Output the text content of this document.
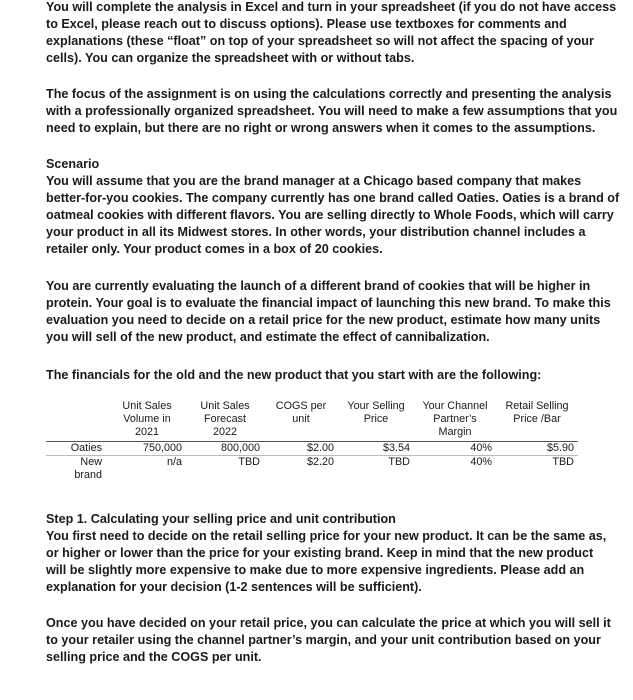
You will complete the analysis in Excel and turn in your spreadsheet (if you do not have access
to Excel, please reach out to discuss options). Please use textboxes for comments and
explanations (these “float” on top of your spreadsheet so will not affect the spacing of your
cells). You can organize the spreadsheet with or without tabs.

The focus of the assignment is on using the calculations correctly and presenting the analysis
with a professionally organized spreadsheet. You will need to make a few assumptions that you
need to explain, but there are no right or wrong answers when it comes to the assumptions.

Scenario
You will assume that you are the brand manager at a Chicago based company that makes
better-for-you cookies. The company currently has one brand called Oaties. Oaties is a brand of
oatmeal cookies with different flavors. You are selling directly to Whole Foods, which will carry
your product in all its Midwest stores. In other words, your distribution channel includes a
retailer only. Your product comes in a box of 20 cookies.

You are currently evaluating the launch of a different brand of cookies that will be higher in
protein. Your goal is to evaluate the financial impact of launching this new brand. To make this
evaluation you need to decide on a retail price for the new product, estimate how many units
you will sell of the new product, and estimate the effect of cannibalization.

The financials for the old and the new product that you start with are the following:

	Unit Sales
Volume in
2021	Unit Sales
Forecast
2022	COGS per
unit	Your Selling
Price	Your Channel
Partner’s
Margin	Retail Selling
Price /Bar

Oaties	750,000	800,000	$2.00	$3.54	40%	$5.90

New
brand	n/a	TBD	$2.20	TBD	40%	TBD

Step 1. Calculating your selling price and unit contribution
You first need to decide on the retail selling price for your new product. It can be the same as,
or higher or lower than the price for your existing brand. Keep in mind that the new product
will be slightly more expensive to make due to more expensive ingredients. Please add an
explanation for your decision (1-2 sentences will be sufficient).

Once you have decided on your retail price, you can calculate the price at which you will sell it
to your retailer using the channel partner’s margin, and your unit contribution based on your
selling price and the COGS per unit.
